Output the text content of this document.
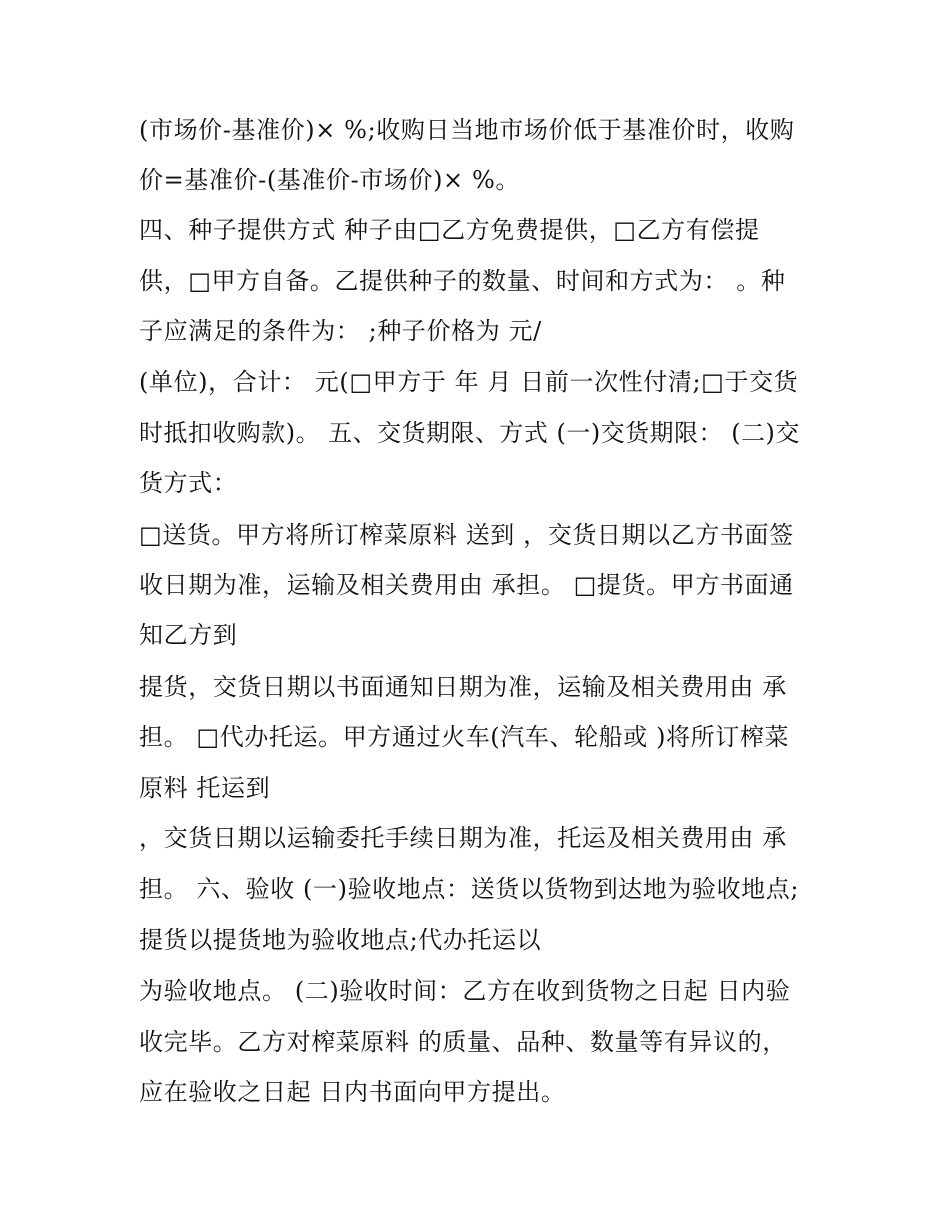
(市场价-基准价)× %;收购日当地市场价低于基准价时，收购
价=基准价-(基准价-市场价)× %。
四、种子提供方式 种子由□乙方免费提供，□乙方有偿提
供，□甲方自备。乙提供种子的数量、时间和方式为： 。种
子应满足的条件为： ;种子价格为 元/
(单位)，合计： 元(□甲方于 年 月 日前一次性付清;□于交货
时抵扣收购款)。 五、交货期限、方式 (一)交货期限： (二)交
货方式：
□送货。甲方将所订榨菜原料 送到 ，交货日期以乙方书面签
收日期为准，运输及相关费用由 承担。 □提货。甲方书面通
知乙方到
提货，交货日期以书面通知日期为准，运输及相关费用由 承
担。 □代办托运。甲方通过火车(汽车、轮船或 )将所订榨菜
原料 托运到
，交货日期以运输委托手续日期为准，托运及相关费用由 承
担。 六、验收 (一)验收地点：送货以货物到达地为验收地点;
提货以提货地为验收地点;代办托运以
为验收地点。 (二)验收时间：乙方在收到货物之日起 日内验
收完毕。乙方对榨菜原料 的质量、品种、数量等有异议的，
应在验收之日起 日内书面向甲方提出。
